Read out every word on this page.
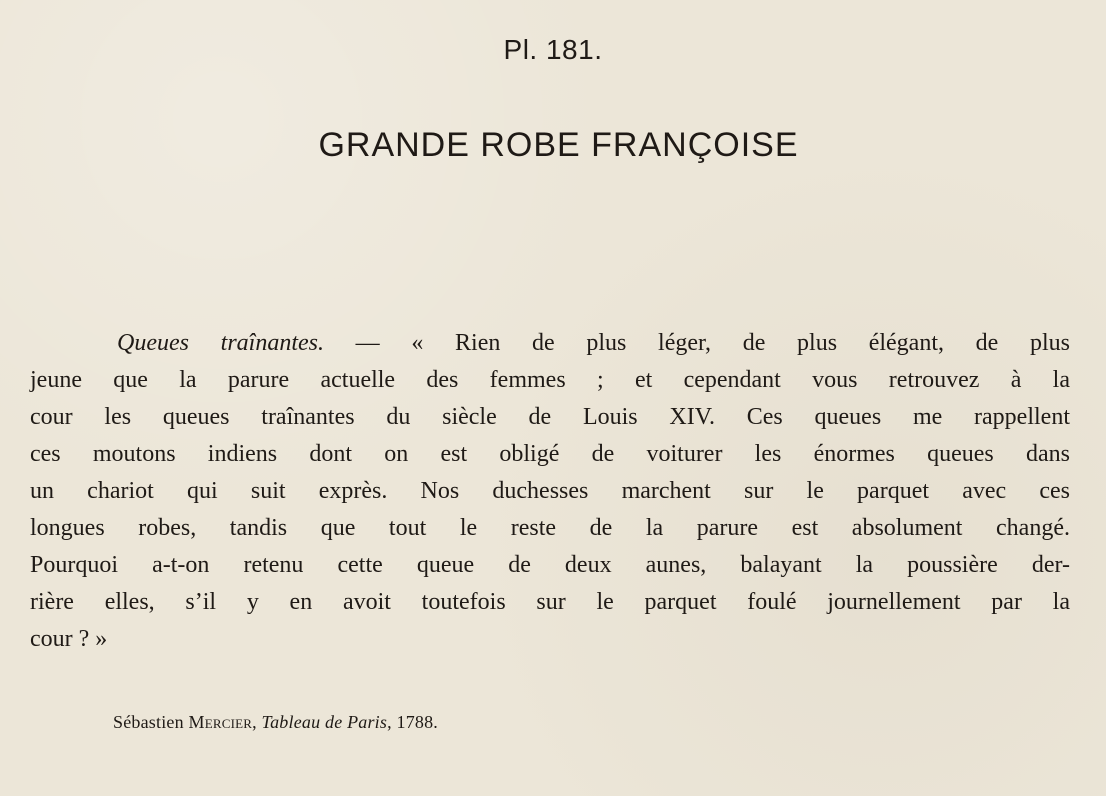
Pl. 181.
GRANDE ROBE FRANÇOISE
Queues traînantes. — « Rien de plus léger, de plus élégant, de plus
jeune que la parure actuelle des femmes ; et cependant vous retrouvez à la
cour les queues traînantes du siècle de Louis XIV. Ces queues me rappellent
ces moutons indiens dont on est obligé de voiturer les énormes queues dans
un chariot qui suit exprès. Nos duchesses marchent sur le parquet avec ces
longues robes, tandis que tout le reste de la parure est absolument changé.
Pourquoi a-t-on retenu cette queue de deux aunes, balayant la poussière der-
rière elles, s’il y en avoit toutefois sur le parquet foulé journellement par la
cour ? »
Sébastien Mercier, Tableau de Paris, 1788.
